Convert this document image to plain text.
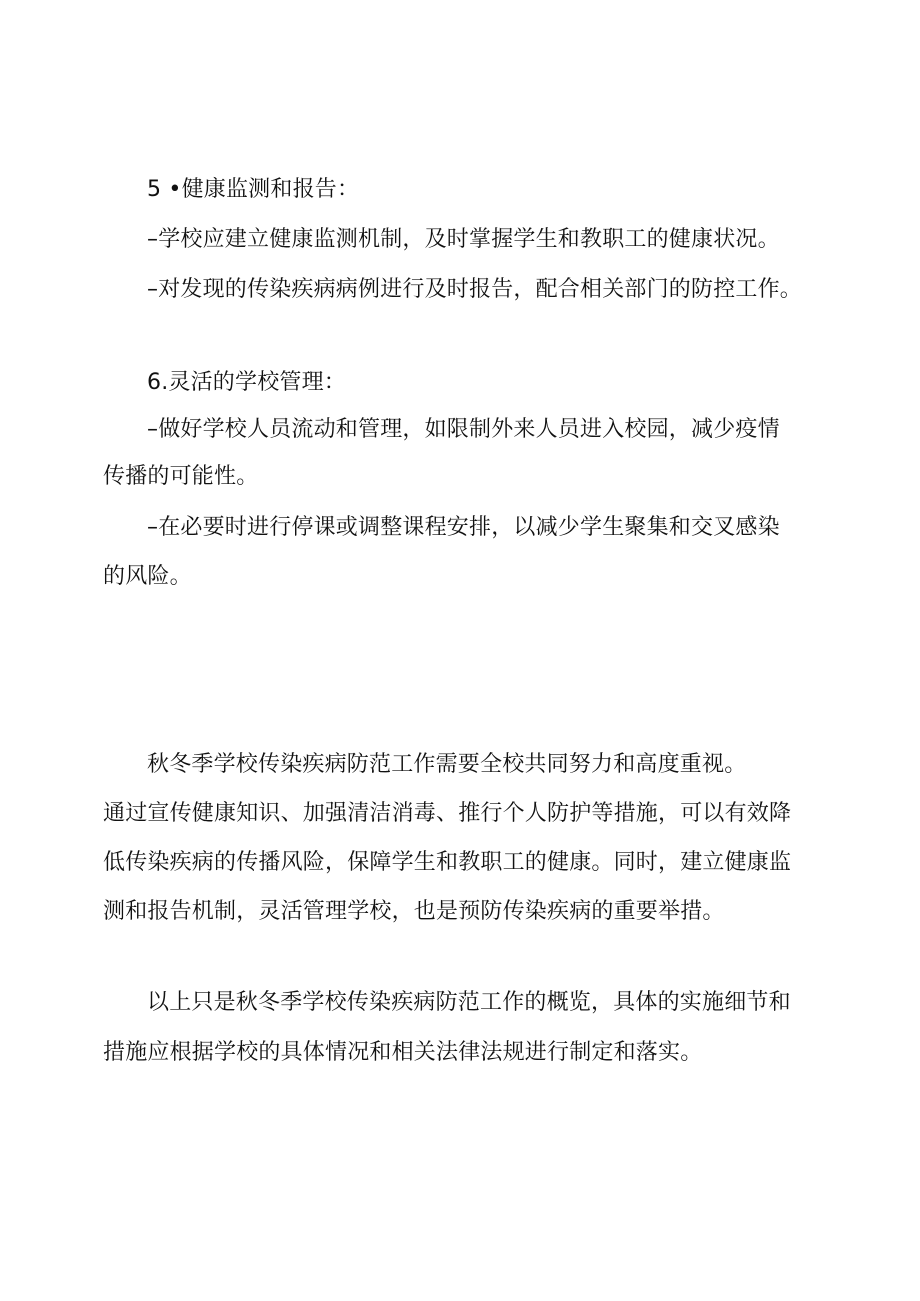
5 •健康监测和报告：
–学校应建立健康监测机制，及时掌握学生和教职工的健康状况。
–对发现的传染疾病病例进行及时报告，配合相关部门的防控工作。
6.灵活的学校管理：
–做好学校人员流动和管理，如限制外来人员进入校园，减少疫情
传播的可能性。
–在必要时进行停课或调整课程安排，以减少学生聚集和交叉感染
的风险。
秋冬季学校传染疾病防范工作需要全校共同努力和高度重视。
通过宣传健康知识、加强清洁消毒、推行个人防护等措施，可以有效降
低传染疾病的传播风险，保障学生和教职工的健康。同时，建立健康监
测和报告机制，灵活管理学校，也是预防传染疾病的重要举措。
以上只是秋冬季学校传染疾病防范工作的概览，具体的实施细节和
措施应根据学校的具体情况和相关法律法规进行制定和落实。
